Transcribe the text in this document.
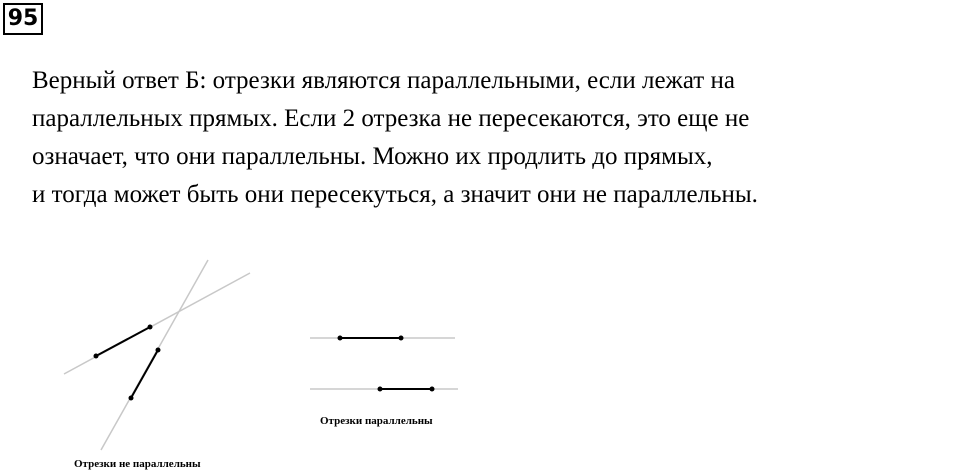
95
Верный ответ Б: отрезки являются параллельными, если лежат на
параллельных прямых. Если 2 отрезка не пересекаются, это еще не
означает, что они параллельны. Можно их продлить до прямых,
и тогда может быть они пересекуться, а значит они не параллельны.
Отрезки не параллельны
Отрезки параллельны
